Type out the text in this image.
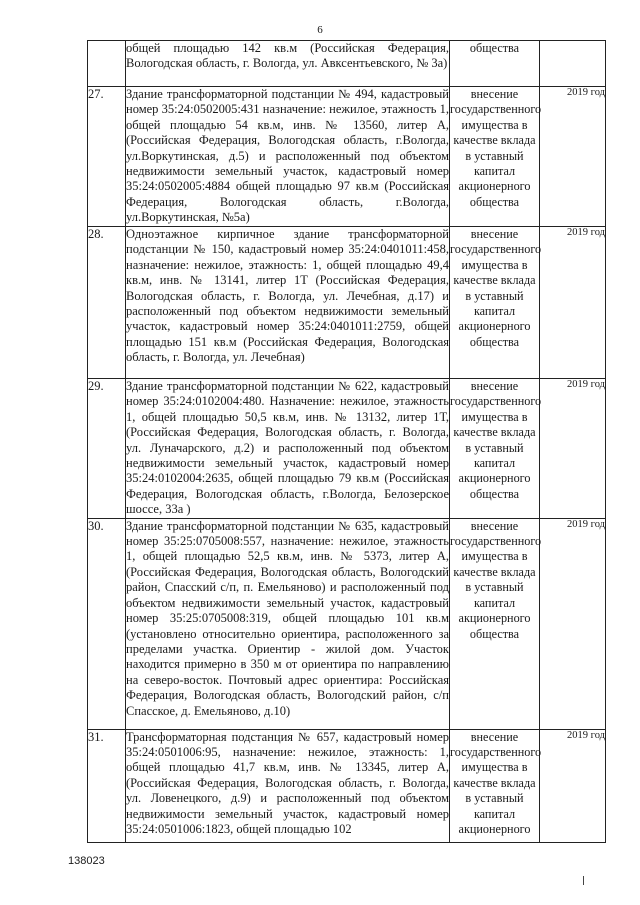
6
	общей площадью 142 кв.м (Российская Федерация, Вологодская область, г. Вологда, ул. Авксентьевского, № 3а)	общества	
27.	Здание трансформаторной подстанции № 494, кадастровый номер 35:24:0502005:431 назначение: нежилое, этажность 1, общей площадью 54 кв.м, инв. № 13560, литер А, (Российская Федерация, Вологодская область, г.Вологда, ул.Воркутинская, д.5) и расположенный под объектом недвижимости земельный участок, кадастровый номер 35:24:0502005:4884 общей площадью 97 кв.м (Российская Федерация, Вологодская область, г.Вологда, ул.Воркутинская, №5а)	внесение государственного имущества в качестве вклада в уставный капитал акционерного общества	2019 год
28.	Одноэтажное кирпичное здание трансформаторной подстанции № 150, кадастровый номер 35:24:0401011:458, назначение: нежилое, этажность: 1, общей площадью 49,4 кв.м, инв. № 13141, литер 1Т (Российская Федерация, Вологодская область, г. Вологда, ул. Лечебная, д.17) и расположенный под объектом недвижимости земельный участок, кадастровый номер 35:24:0401011:2759, общей площадью 151 кв.м (Российская Федерация, Вологодская область, г. Вологда, ул. Лечебная)	внесение государственного имущества в качестве вклада в уставный капитал акционерного общества	2019 год
29.	Здание трансформаторной подстанции № 622, кадастровый номер 35:24:0102004:480. Назначение: нежилое, этажность 1, общей площадью 50,5 кв.м, инв. № 13132, литер 1Т, (Российская Федерация, Вологодская область, г. Вологда, ул. Луначарского, д.2) и расположенный под объектом недвижимости земельный участок, кадастровый номер 35:24:0102004:2635, общей площадью 79 кв.м (Российская Федерация, Вологодская область, г.Вологда, Белозерское шоссе, 33а )	внесение государственного имущества в качестве вклада в уставный капитал акционерного общества	2019 год
30.	Здание трансформаторной подстанции № 635, кадастровый номер 35:25:0705008:557, назначение: нежилое, этажность 1, общей площадью 52,5 кв.м, инв. № 5373, литер А, (Российская Федерация, Вологодская область, Вологодский район, Спасский с/п, п. Емельяново) и расположенный под объектом недвижимости земельный участок, кадастровый номер 35:25:0705008:319, общей площадью 101 кв.м (установлено относительно ориентира, расположенного за пределами участка. Ориентир - жилой дом. Участок находится примерно в 350 м от ориентира по направлению на северо-восток. Почтовый адрес ориентира: Российская Федерация, Вологодская область, Вологодский район, с/п Спасское, д. Емельяново, д.10)	внесение государственного имущества в качестве вклада в уставный капитал акционерного общества	2019 год
31.	Трансформаторная подстанция № 657, кадастровый номер 35:24:0501006:95, назначение: нежилое, этажность: 1, общей площадью 41,7 кв.м, инв. № 13345, литер А, (Российская Федерация, Вологодская область, г. Вологда, ул. Ловенецкого, д.9) и расположенный под объектом недвижимости земельный участок, кадастровый номер 35:24:0501006:1823, общей площадью 102	внесение государственного имущества в качестве вклада в уставный капитал акционерного	2019 год
138023
